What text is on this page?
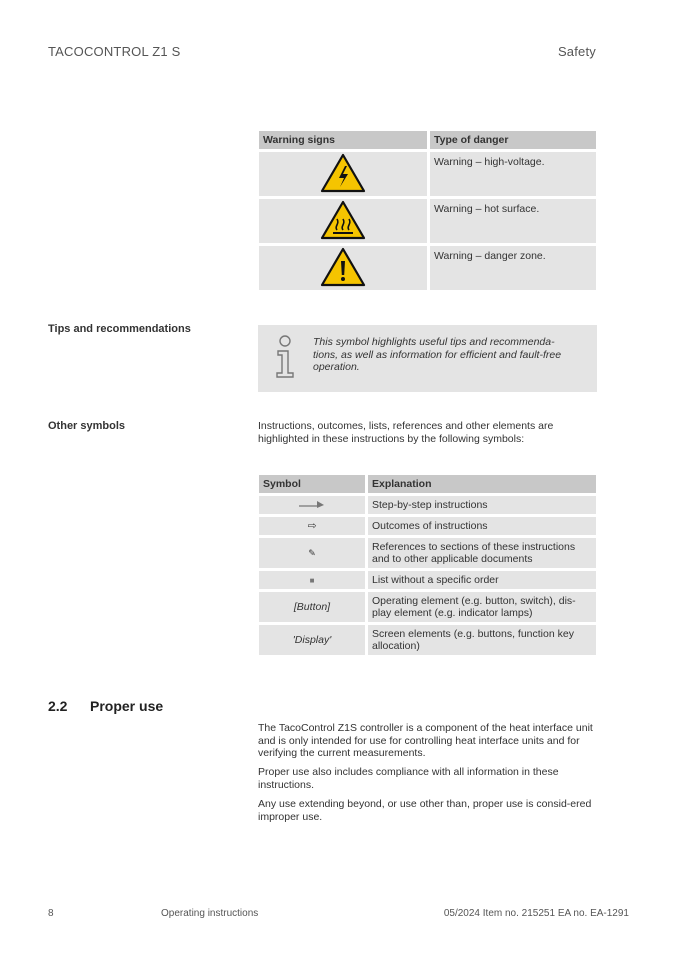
TACOCONTROL Z1 S	Safety
Warning signs	Type of danger
	Warning – high-voltage.
	Warning – hot surface.
	Warning – danger zone.
Tips and recommendations
This symbol highlights useful tips and recommenda-tions, as well as information for efficient and fault-free operation.
Other symbols	Instructions, outcomes, lists, references and other elements are highlighted in these instructions by the following symbols:

Symbol	Explanation
	Step-by-step instructions
⇨	Outcomes of instructions
✎	References to sections of these instructions and to other applicable documents
■	List without a specific order
[Button]	Operating element (e.g. button, switch), dis-play element (e.g. indicator lamps)
'Display'	Screen elements (e.g. buttons, function key allocation)
2.2 Proper use

The TacoControl Z1S controller is a component of the heat interface unit and is only intended for use for controlling heat interface units and for verifying the current measurements.

Proper use also includes compliance with all information in these instructions.

Any use extending beyond, or use other than, proper use is consid-ered improper use.

8	Operating instructions	05/2024 Item no. 215251 EA no. EA-1291
